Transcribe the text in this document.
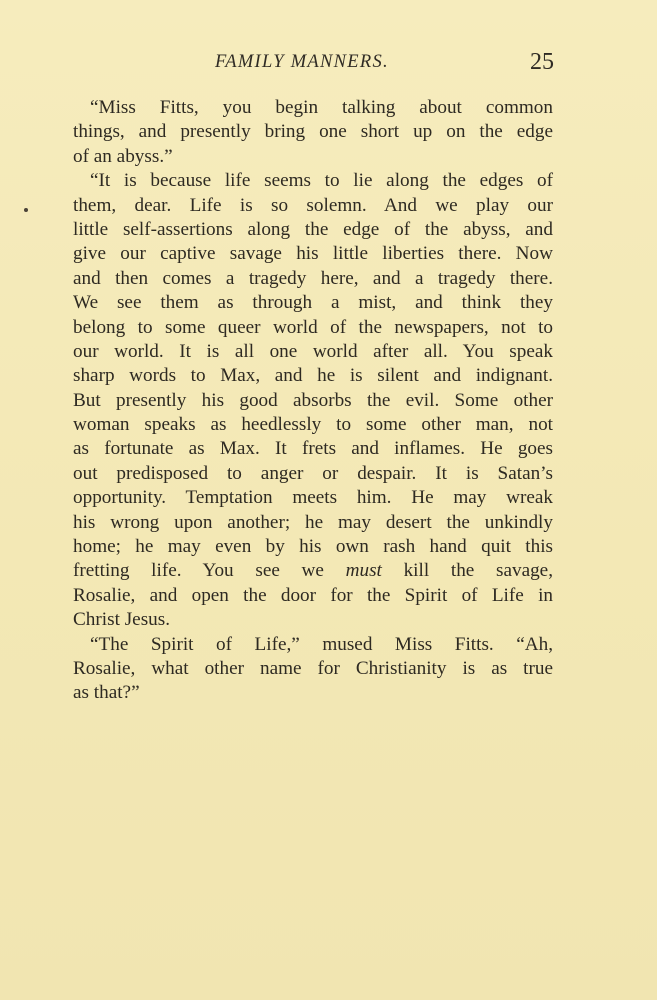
FAMILY MANNERS.	25
“Miss Fitts, you begin talking about common
things, and presently bring one short up on the edge
of an abyss.”
“It is because life seems to lie along the edges of
them, dear. Life is so solemn. And we play our
little self-assertions along the edge of the abyss, and
give our captive savage his little liberties there. Now
and then comes a tragedy here, and a tragedy there.
We see them as through a mist, and think they
belong to some queer world of the newspapers, not to
our world. It is all one world after all. You speak
sharp words to Max, and he is silent and indignant.
But presently his good absorbs the evil. Some other
woman speaks as heedlessly to some other man, not
as fortunate as Max. It frets and inflames. He goes
out predisposed to anger or despair. It is Satan’s
opportunity. Temptation meets him. He may wreak
his wrong upon another; he may desert the unkindly
home; he may even by his own rash hand quit this
fretting life. You see we must kill the savage,
Rosalie, and open the door for the Spirit of Life in
Christ Jesus.
“The Spirit of Life,” mused Miss Fitts. “Ah,
Rosalie, what other name for Christianity is as true
as that?”
